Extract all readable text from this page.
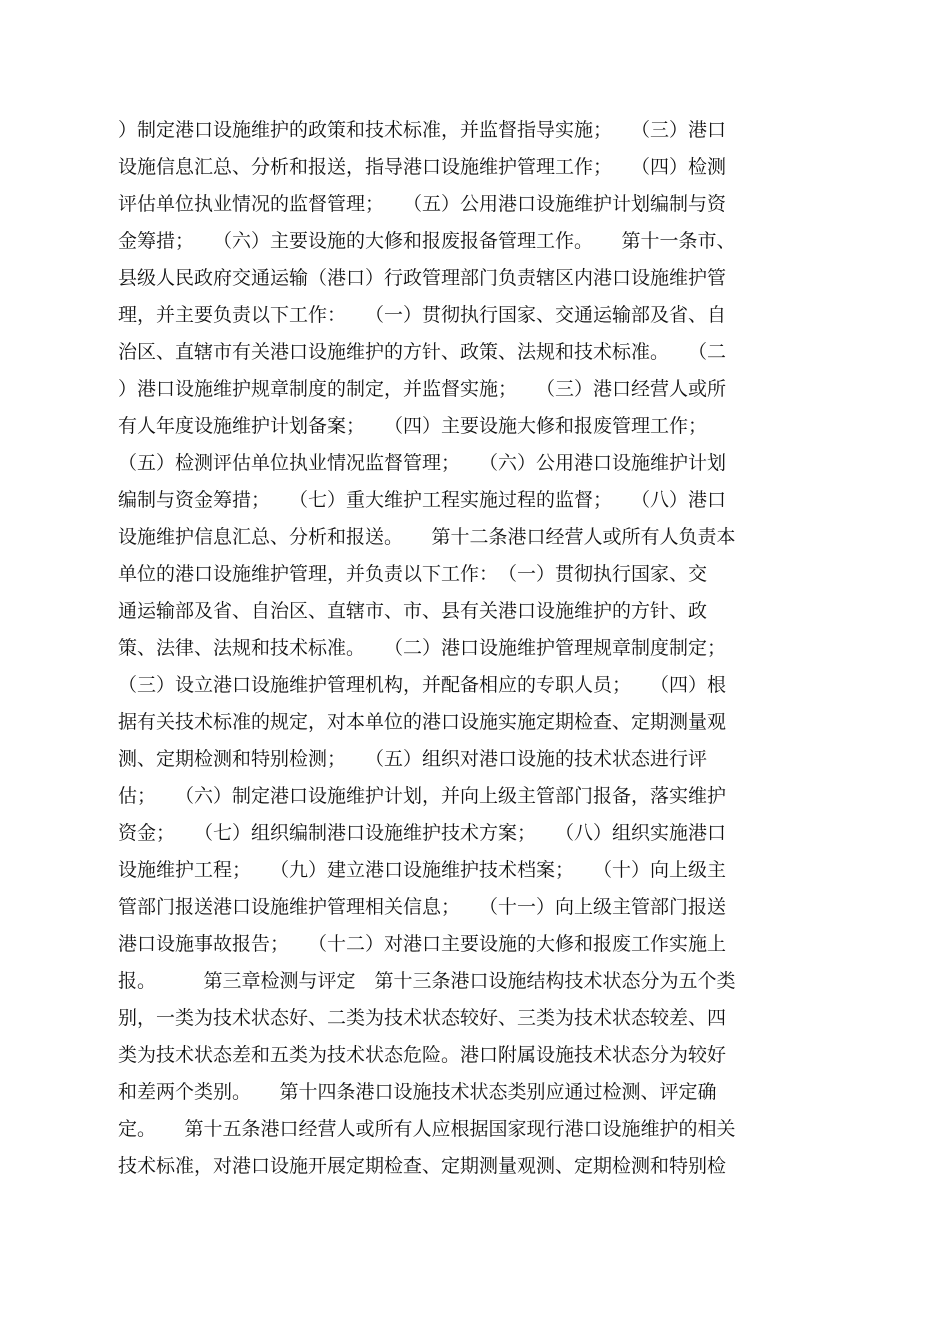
）制定港口设施维护的政策和技术标准，并监督指导实施；　　（三）港口
设施信息汇总、分析和报送，指导港口设施维护管理工作；　　（四）检测
评估单位执业情况的监督管理；　　（五）公用港口设施维护计划编制与资
金筹措；　　（六）主要设施的大修和报废报备管理工作。　　第十一条市、
县级人民政府交通运输（港口）行政管理部门负责辖区内港口设施维护管
理，并主要负责以下工作：　　（一）贯彻执行国家、交通运输部及省、自
治区、直辖市有关港口设施维护的方针、政策、法规和技术标准。　　（二
）港口设施维护规章制度的制定，并监督实施；　　（三）港口经营人或所
有人年度设施维护计划备案；　　（四）主要设施大修和报废管理工作；
（五）检测评估单位执业情况监督管理；　　（六）公用港口设施维护计划
编制与资金筹措；　　（七）重大维护工程实施过程的监督；　　（八）港口
设施维护信息汇总、分析和报送。　　第十二条港口经营人或所有人负责本
单位的港口设施维护管理，并负责以下工作：　（一）贯彻执行国家、交
通运输部及省、自治区、直辖市、市、县有关港口设施维护的方针、政
策、法律、法规和技术标准。　　（二）港口设施维护管理规章制度制定；
（三）设立港口设施维护管理机构，并配备相应的专职人员；　　（四）根
据有关技术标准的规定，对本单位的港口设施实施定期检查、定期测量观
测、定期检测和特别检测；　　（五）组织对港口设施的技术状态进行评
估；　　（六）制定港口设施维护计划，并向上级主管部门报备，落实维护
资金；　　（七）组织编制港口设施维护技术方案；　　（八）组织实施港口
设施维护工程；　　（九）建立港口设施维护技术档案；　　（十）向上级主
管部门报送港口设施维护管理相关信息；　　（十一）向上级主管部门报送
港口设施事故报告；　　（十二）对港口主要设施的大修和报废工作实施上
报。　　　第三章检测与评定　第十三条港口设施结构技术状态分为五个类
别，一类为技术状态好、二类为技术状态较好、三类为技术状态较差、四
类为技术状态差和五类为技术状态危险。港口附属设施技术状态分为较好
和差两个类别。　　第十四条港口设施技术状态类别应通过检测、评定确
定。　　第十五条港口经营人或所有人应根据国家现行港口设施维护的相关
技术标准，对港口设施开展定期检查、定期测量观测、定期检测和特别检
